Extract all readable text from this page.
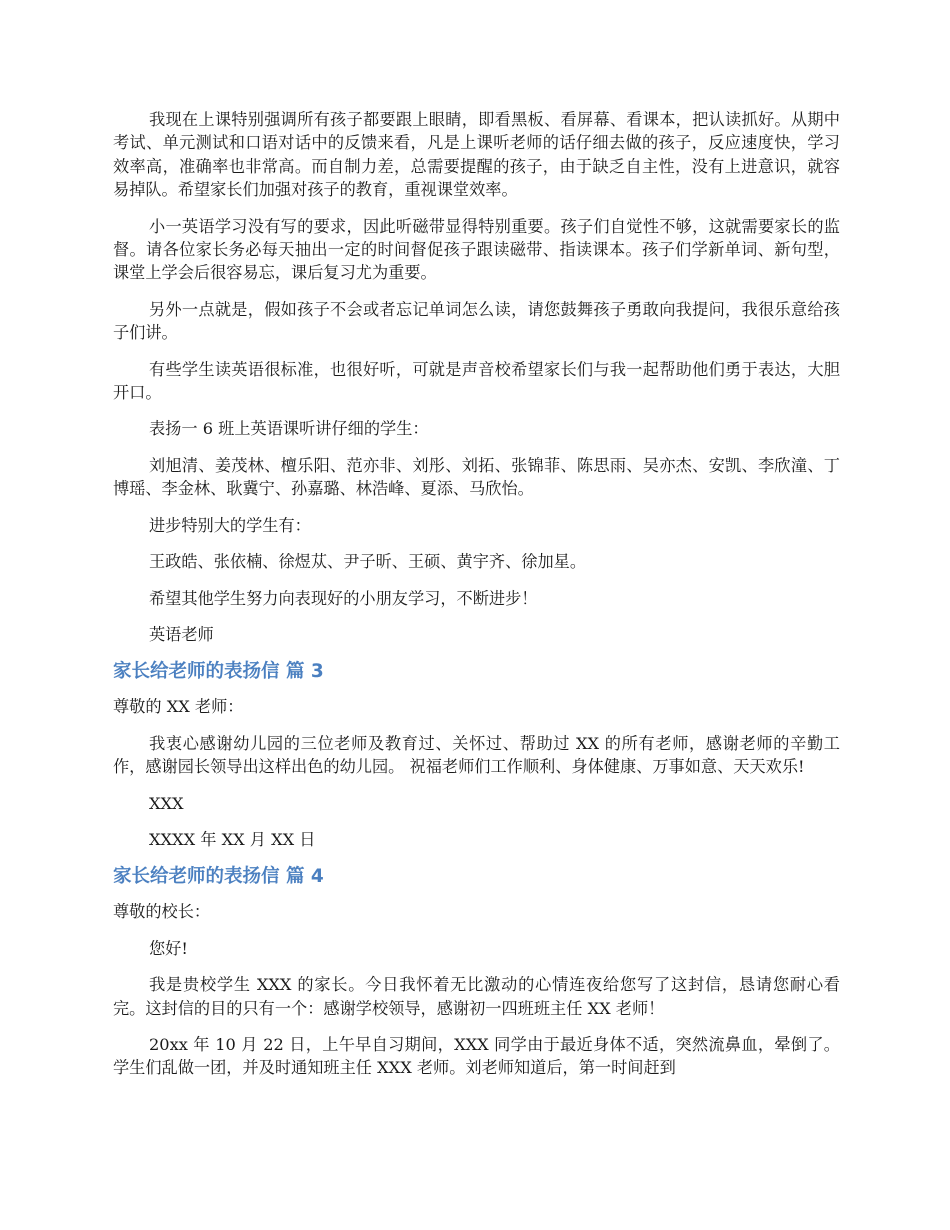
我现在上课特别强调所有孩子都要跟上眼睛，即看黑板、看屏幕、看课本，把认读抓好。从期中考试、单元测试和口语对话中的反馈来看，凡是上课听老师的话仔细去做的孩子，反应速度快，学习效率高，准确率也非常高。而自制力差，总需要提醒的孩子，由于缺乏自主性，没有上进意识，就容易掉队。希望家长们加强对孩子的教育，重视课堂效率。

小一英语学习没有写的要求，因此听磁带显得特别重要。孩子们自觉性不够，这就需要家长的监督。请各位家长务必每天抽出一定的时间督促孩子跟读磁带、指读课本。孩子们学新单词、新句型，课堂上学会后很容易忘，课后复习尤为重要。

另外一点就是，假如孩子不会或者忘记单词怎么读，请您鼓舞孩子勇敢向我提问，我很乐意给孩子们讲。

有些学生读英语很标准，也很好听，可就是声音校希望家长们与我一起帮助他们勇于表达，大胆开口。

表扬一 6 班上英语课听讲仔细的学生：

刘旭清、姜茂林、檀乐阳、范亦非、刘彤、刘拓、张锦菲、陈思雨、吴亦杰、安凯、李欣潼、丁博瑶、李金林、耿冀宁、孙嘉璐、林浩峰、夏添、马欣怡。

进步特别大的学生有：

王政皓、张依楠、徐煜苁、尹子昕、王硕、黄宇齐、徐加星。

希望其他学生努力向表现好的小朋友学习，不断进步！

英语老师

家长给老师的表扬信 篇 3

尊敬的 XX 老师：

我衷心感谢幼儿园的三位老师及教育过、关怀过、帮助过 XX 的所有老师，感谢老师的辛勤工作，感谢园长领导出这样出色的幼儿园。 祝福老师们工作顺利、身体健康、万事如意、天天欢乐!

XXX

XXXX 年 XX 月 XX 日

家长给老师的表扬信 篇 4

尊敬的校长：

您好!

我是贵校学生 XXX 的家长。今日我怀着无比激动的心情连夜给您写了这封信，恳请您耐心看完。这封信的目的只有一个：感谢学校领导，感谢初一四班班主任 XX 老师！

20xx 年 10 月 22 日，上午早自习期间，XXX 同学由于最近身体不适，突然流鼻血，晕倒了。学生们乱做一团，并及时通知班主任 XXX 老师。刘老师知道后，第一时间赶到
